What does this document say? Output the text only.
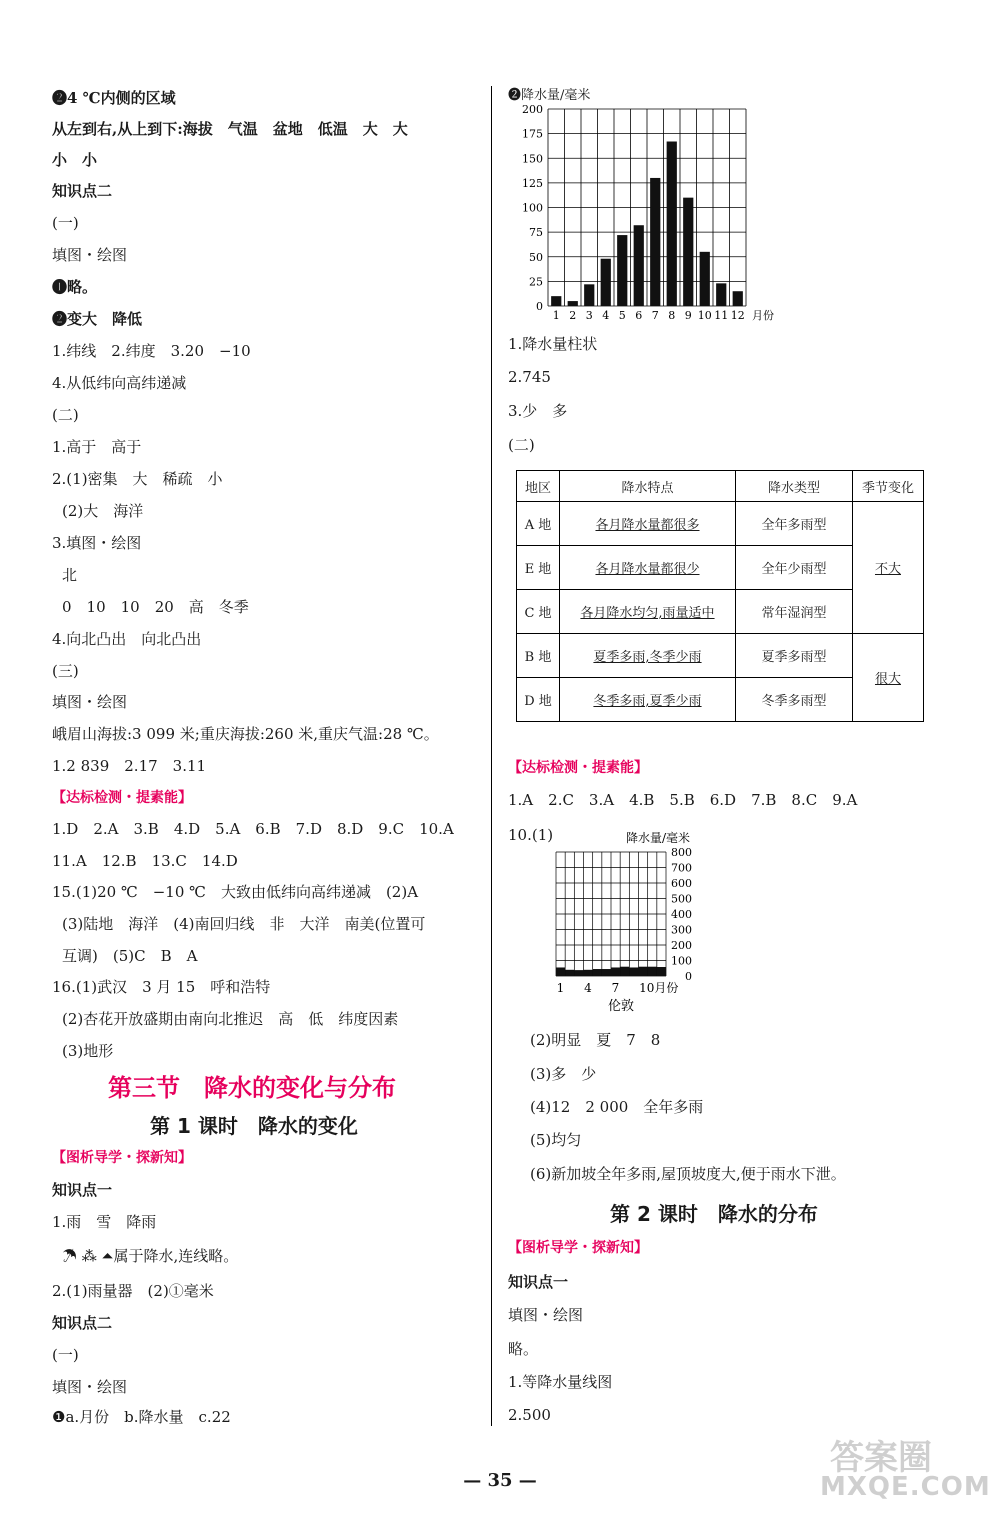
❷4 ℃内侧的区域
从左到右,从上到下:海拔　气温　盆地　低温　大　大
小　小
知识点二
(一)
填图・绘图
❶略。
❷变大　降低
1.纬线　2.纬度　3.20　−10
4.从低纬向高纬递减
(二)
1.高于　高于
2.(1)密集　大　稀疏　小
(2)大　海洋
3.填图・绘图
北
0　10　10　20　高　冬季
4.向北凸出　向北凸出
(三)
填图・绘图
峨眉山海拔:3 099 米;重庆海拔:260 米,重庆气温:28 ℃。
1.2 839　2.17　3.11
【达标检测・提素能】
1.D　2.A　3.B　4.D　5.A　6.B　7.D　8.D　9.C　10.A
11.A　12.B　13.C　14.D
15.(1)20 ℃　−10 ℃　大致由低纬向高纬递减　(2)A
(3)陆地　海洋　(4)南回归线　非　大洋　南美(位置可
互调)　(5)C　B　A
16.(1)武汉　3 月 15　呼和浩特
(2)杏花开放盛期由南向北推迟　高　低　纬度因素
(3)地形
第三节　降水的变化与分布
第 1 课时　降水的变化
【图析导学・探新知】
知识点一
1.雨　雪　降雨
☂ ⁂ ⏶属于降水,连线略。
2.(1)雨量器　(2)①毫米
知识点二
(一)
填图・绘图
❶a.月份　b.降水量　c.22
❷降水量/毫米
0
25
50
75
100
125
150
175
200
1 2 3 4 5 6 7 8 9 10 11 12 月份
1.降水量柱状
2.745
3.少　多
(二)
地区	降水特点	降水类型	季节变化
A 地	各月降水量都很多	全年多雨型	不大
E 地	各月降水量都很少	全年少雨型	
C 地	各月降水均匀,雨量适中	常年湿润型	
B 地	夏季多雨,冬季少雨	夏季多雨型	很大
D 地	冬季多雨,夏季少雨	冬季多雨型	
【达标检测・提素能】
1.A　2.C　3.A　4.B　5.B　6.D　7.B　8.C　9.A
10.(1)	降水量/毫米
0
100
200
300
400
500
600
700
800
1 4 7 10月份
伦敦
(2)明显　夏　7　8
(3)多　少
(4)12　2 000　全年多雨
(5)均匀
(6)新加坡全年多雨,屋顶坡度大,便于雨水下泄。
第 2 课时　降水的分布
【图析导学・探新知】
知识点一
填图・绘图
略。
1.等降水量线图
2.500
— 35 —
答案圈
MXQE.COM
